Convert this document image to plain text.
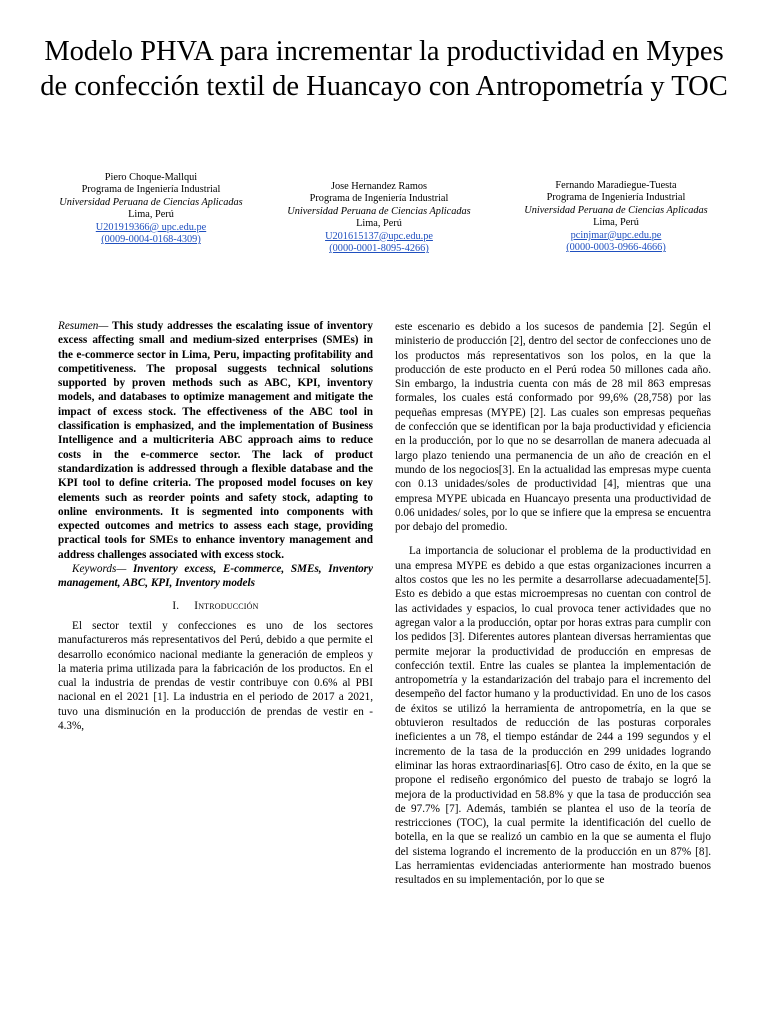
Modelo PHVA para incrementar la productividad en Mypes de confección textil de Huancayo con Antropometría y TOC
Piero Choque-Mallqui
Programa de Ingeniería Industrial
Universidad Peruana de Ciencias Aplicadas
Lima, Perú
U201919366@ upc.edu.pe
(0009-0004-0168-4309)
Jose Hernandez Ramos
Programa de Ingeniería Industrial
Universidad Peruana de Ciencias Aplicadas
Lima, Perú
U201615137@upc.edu.pe
(0000-0001-8095-4266)
Fernando Maradiegue-Tuesta
Programa de Ingeniería Industrial
Universidad Peruana de Ciencias Aplicadas
Lima, Perú
pcinjmar@upc.edu.pe
(0000-0003-0966-4666)

Resumen— This study addresses the escalating issue of inventory excess affecting small and medium-sized enterprises (SMEs) in the e-commerce sector in Lima, Peru, impacting profitability and competitiveness. The proposal suggests technical solutions supported by proven methods such as ABC, KPI, inventory models, and databases to optimize management and mitigate the impact of excess stock. The effectiveness of the ABC tool in classification is emphasized, and the implementation of Business Intelligence and a multicriteria ABC approach aims to reduce costs in the e-commerce sector. The lack of product standardization is addressed through a flexible database and the KPI tool to define criteria. The proposed model focuses on key elements such as reorder points and safety stock, adapting to online environments. It is segmented into components with expected outcomes and metrics to assess each stage, providing practical tools for SMEs to enhance inventory management and address challenges associated with excess stock.

Keywords— Inventory excess, E-commerce, SMEs, Inventory management, ABC, KPI, Inventory models

I. Introducción

El sector textil y confecciones es uno de los sectores manufactureros más representativos del Perú, debido a que permite el desarrollo económico nacional mediante la generación de empleos y la materia prima utilizada para la fabricación de los productos. En el cual la industria de prendas de vestir contribuye con 0.6% al PBI nacional en el 2021 [1]. La industria en el periodo de 2017 a 2021, tuvo una disminución en la producción de prendas de vestir en - 4.3%,

este escenario es debido a los sucesos de pandemia [2]. Según el ministerio de producción [2], dentro del sector de confecciones uno de los productos más representativos son los polos, en la que la producción de este producto en el Perú rodea 50 millones cada año. Sin embargo, la industria cuenta con más de 28 mil 863 empresas formales, los cuales está conformado por 99,6% (28,758) por las pequeñas empresas (MYPE) [2]. Las cuales son empresas pequeñas de confección que se identifican por la baja productividad y eficiencia en la producción, por lo que no se desarrollan de manera adecuada al largo plazo teniendo una permanencia de un año de creación en el mundo de los negocios[3]. En la actualidad las empresas mype cuenta con 0.13 unidades/soles de productividad [4], mientras que una empresa MYPE ubicada en Huancayo presenta una productividad de 0.06 unidades/ soles, por lo que se infiere que la empresa se encuentra por debajo del promedio.

La importancia de solucionar el problema de la productividad en una empresa MYPE es debido a que estas organizaciones incurren a altos costos que les no les permite a desarrollarse adecuadamente[5]. Esto es debido a que estas microempresas no cuentan con control de las actividades y espacios, lo cual provoca tener actividades que no agregan valor a la producción, optar por horas extras para cumplir con los pedidos [3]. Diferentes autores plantean diversas herramientas que permite mejorar la productividad de producción en empresas de confección textil. Entre las cuales se plantea la implementación de antropometría y la estandarización del trabajo para el incremento del desempeño del factor humano y la productividad. En uno de los casos de éxitos se utilizó la herramienta de antropometría, en la que se obtuvieron resultados de reducción de las posturas corporales ineficientes a un 78, el tiempo estándar de 244 a 199 segundos y el incremento de la tasa de la producción en 299 unidades logrando eliminar las horas extraordinarias[6]. Otro caso de éxito, en la que se propone el rediseño ergonómico del puesto de trabajo se logró la mejora de la productividad en 58.8% y que la tasa de producción sea de 97.7% [7]. Además, también se plantea el uso de la teoría de restricciones (TOC), la cual permite la identificación del cuello de botella, en la que se realizó un cambio en la que se aumenta el flujo del sistema logrando el incremento de la producción en un 87% [8]. Las herramientas evidenciadas anteriormente han mostrado buenos resultados en su implementación, por lo que se
